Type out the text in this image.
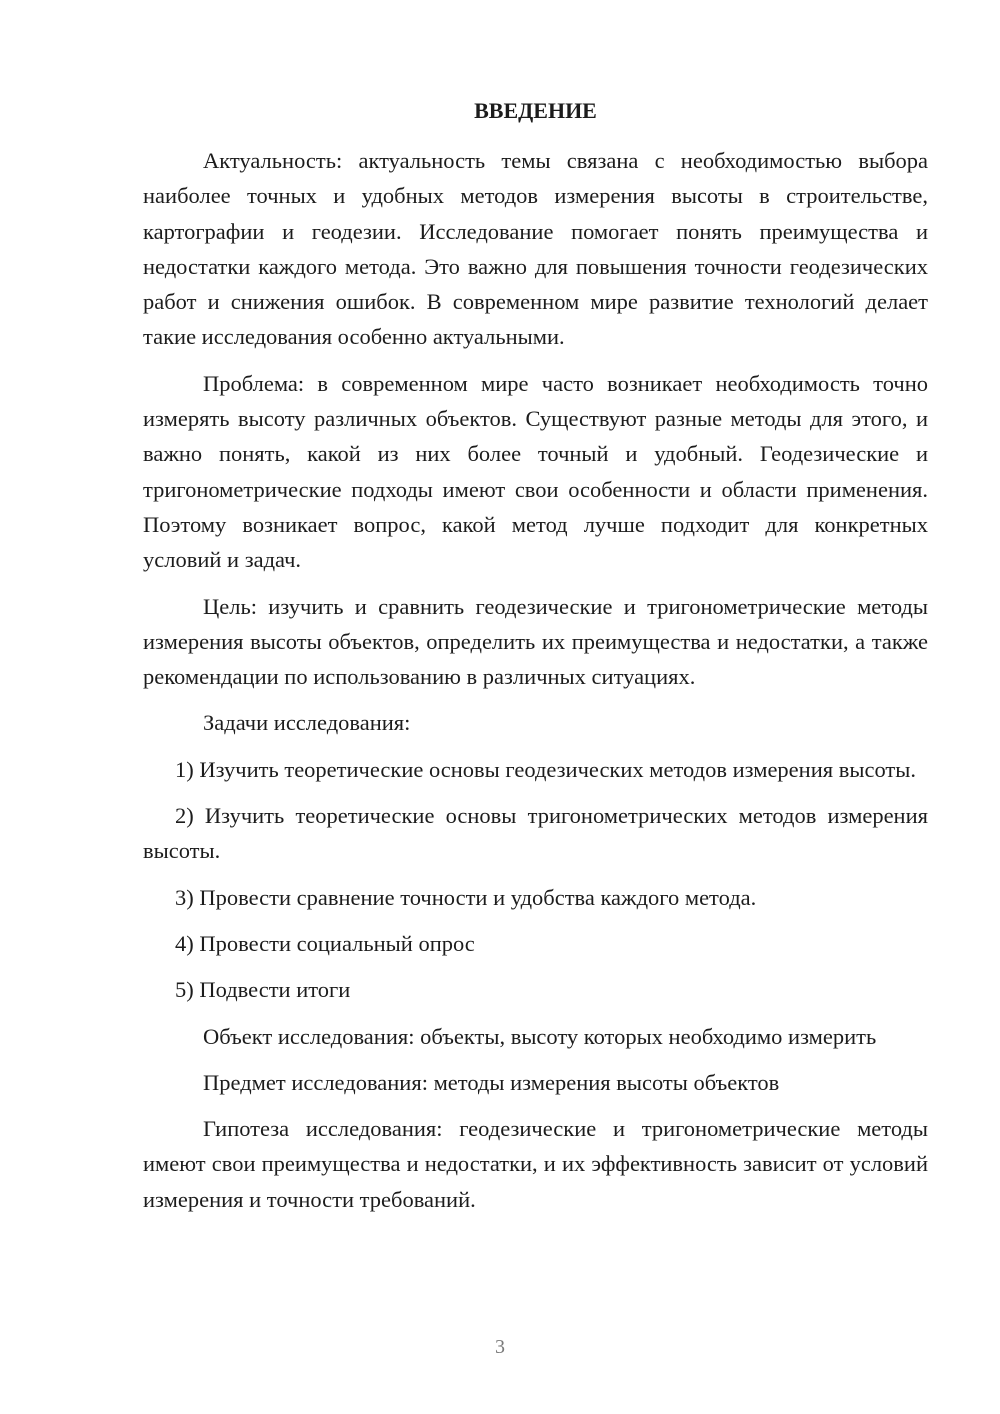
ВВЕДЕНИЕ

Актуальность: актуальность темы связана с необходимостью выбора наиболее точных и удобных методов измерения высоты в строительстве, картографии и геодезии. Исследование помогает понять преимущества и недостатки каждого метода. Это важно для повышения точности геодезических работ и снижения ошибок. В современном мире развитие технологий делает такие исследования особенно актуальными.

Проблема: в современном мире часто возникает необходимость точно измерять высоту различных объектов. Существуют разные методы для этого, и важно понять, какой из них более точный и удобный. Геодезические и тригонометрические подходы имеют свои особенности и области применения. Поэтому возникает вопрос, какой метод лучше подходит для конкретных условий и задач.

Цель: изучить и сравнить геодезические и тригонометрические методы измерения высоты объектов, определить их преимущества и недостатки, а также рекомендации по использованию в различных ситуациях.

Задачи исследования:

1) Изучить теоретические основы геодезических методов измерения высоты.

2) Изучить теоретические основы тригонометрических методов измерения высоты.

3) Провести сравнение точности и удобства каждого метода.

4) Провести социальный опрос

5) Подвести итоги

Объект исследования: объекты, высоту которых необходимо измерить

Предмет исследования: методы измерения высоты объектов

Гипотеза исследования: геодезические и тригонометрические методы имеют свои преимущества и недостатки, и их эффективность зависит от условий измерения и точности требований.

3
